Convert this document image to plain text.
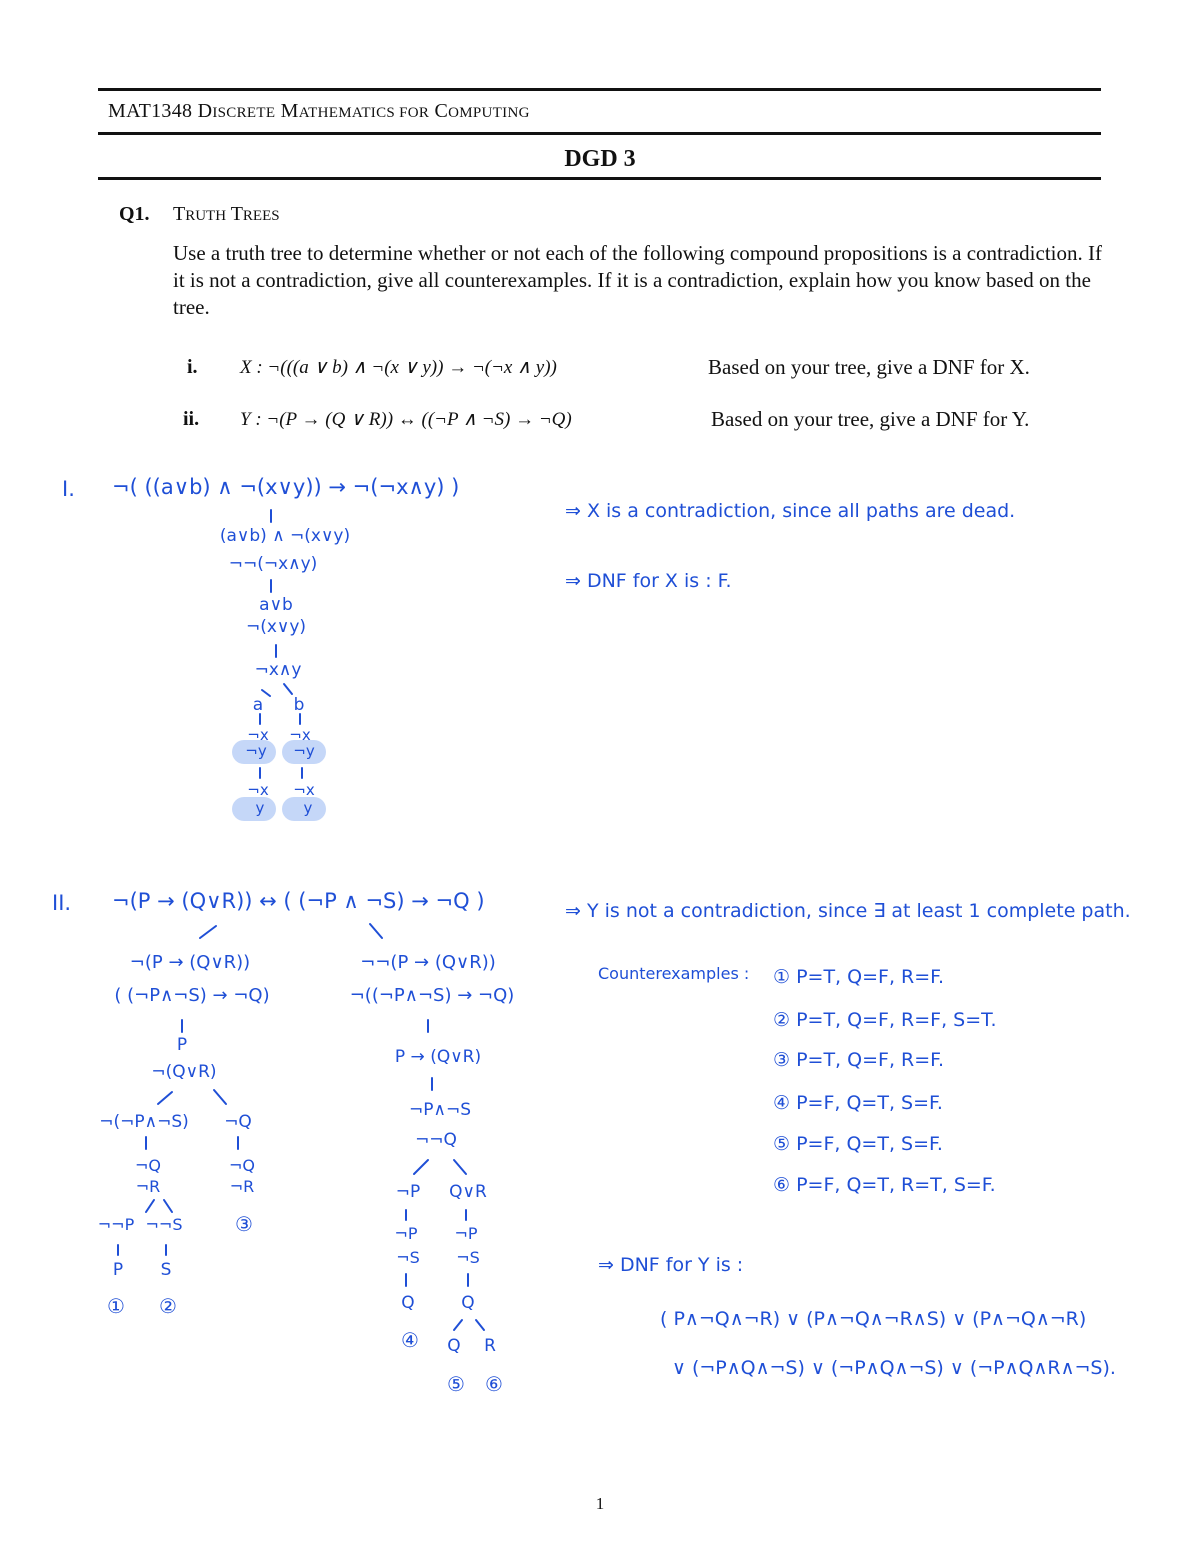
MAT1348 DISCRETE MATHEMATICS FOR COMPUTING
DGD 3
Q1. TRUTH TREES
Use a truth tree to determine whether or not each of the following compound propositions is a contradiction. If it is not a contradiction, give all counterexamples. If it is a contradiction, explain how you know based on the tree.
i. X : ¬(((a ∨ b) ∧ ¬(x ∨ y)) → ¬(¬x ∧ y))	Based on your tree, give a DNF for X.
ii. Y : ¬(P → (Q ∨ R)) ↔ ((¬P ∧ ¬S) → ¬Q)	Based on your tree, give a DNF for Y.
I. ¬( ((a∨b) ∧ ¬(x∨y)) → ¬(¬x∧y) )
(a∨b) ∧ ¬(x∨y)
¬¬(¬x∧y)
a∨b
¬(x∨y)
¬x∧y
a b
¬x
¬y
¬x
¬y
¬x
y
¬x
y
⇒ X is a contradiction, since all paths are dead.
⇒ DNF for X is : F.
II. ¬(P → (Q∨R)) ↔ ( (¬P ∧ ¬S) → ¬Q )
¬(P → (Q∨R))
( (¬P∧¬S) → ¬Q)
P
¬(Q∨R)
¬(¬P∧¬S) ¬Q
¬Q
¬R
¬Q
¬R
¬¬P ¬¬S
P S
① ②
③
¬¬(P → (Q∨R))
¬((¬P∧¬S) → ¬Q)
P → (Q∨R)
¬P∧¬S
¬¬Q
¬P Q∨R
¬P
¬S
¬P
¬S
Q	Q
Q R
④
⑤ ⑥
⇒ Y is not a contradiction, since ∃ at least 1 complete path.
Counterexamples : ① P=T, Q=F, R=F.
② P=T, Q=F, R=F, S=T.
③ P=T, Q=F, R=F.
④ P=F, Q=T, S=F.
⑤ P=F, Q=T, S=F.
⑥ P=F, Q=T, R=T, S=F.
⇒ DNF for Y is :
( P∧¬Q∧¬R) ∨ (P∧¬Q∧¬R∧S) ∨ (P∧¬Q∧¬R)
∨ (¬P∧Q∧¬S) ∨ (¬P∧Q∧¬S) ∨ (¬P∧Q∧R∧¬S).
1
